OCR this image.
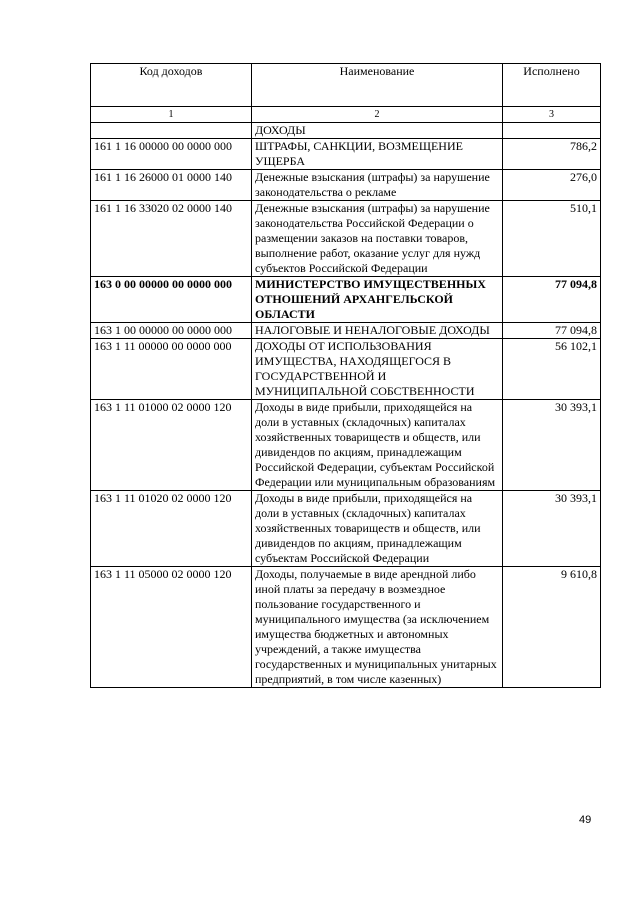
Код доходов	Наименование	Исполнено
1	2	3
	ДОХОДЫ	
161 1 16 00000 00 0000 000	ШТРАФЫ, САНКЦИИ, ВОЗМЕЩЕНИЕ УЩЕРБА	786,2
161 1 16 26000 01 0000 140	Денежные взыскания (штрафы) за нарушение законодательства о рекламе	276,0
161 1 16 33020 02 0000 140	Денежные взыскания (штрафы) за нарушение законодательства Российской Федерации о размещении заказов на поставки товаров, выполнение работ, оказание услуг для нужд субъектов Российской Федерации	510,1
163 0 00 00000 00 0000 000	МИНИСТЕРСТВО ИМУЩЕСТВЕННЫХ ОТНОШЕНИЙ АРХАНГЕЛЬСКОЙ ОБЛАСТИ	77 094,8
163 1 00 00000 00 0000 000	НАЛОГОВЫЕ И НЕНАЛОГОВЫЕ ДОХОДЫ	77 094,8
163 1 11 00000 00 0000 000	ДОХОДЫ ОТ ИСПОЛЬЗОВАНИЯ ИМУЩЕСТВА, НАХОДЯЩЕГОСЯ В ГОСУДАРСТВЕННОЙ И МУНИЦИПАЛЬНОЙ СОБСТВЕННОСТИ	56 102,1
163 1 11 01000 02 0000 120	Доходы в виде прибыли, приходящейся на доли в уставных (складочных) капиталах хозяйственных товариществ и обществ, или дивидендов по акциям, принадлежащим Российской Федерации, субъектам Российской Федерации или муниципальным образованиям	30 393,1
163 1 11 01020 02 0000 120	Доходы в виде прибыли, приходящейся на доли в уставных (складочных) капиталах хозяйственных товариществ и обществ, или дивидендов по акциям, принадлежащим субъектам Российской Федерации	30 393,1
163 1 11 05000 02 0000 120	Доходы, получаемые в виде арендной либо иной платы за передачу в возмездное пользование государственного и муниципального имущества (за исключением имущества бюджетных и автономных учреждений, а также имущества государственных и муниципальных унитарных предприятий, в том числе казенных)	9 610,8
49
